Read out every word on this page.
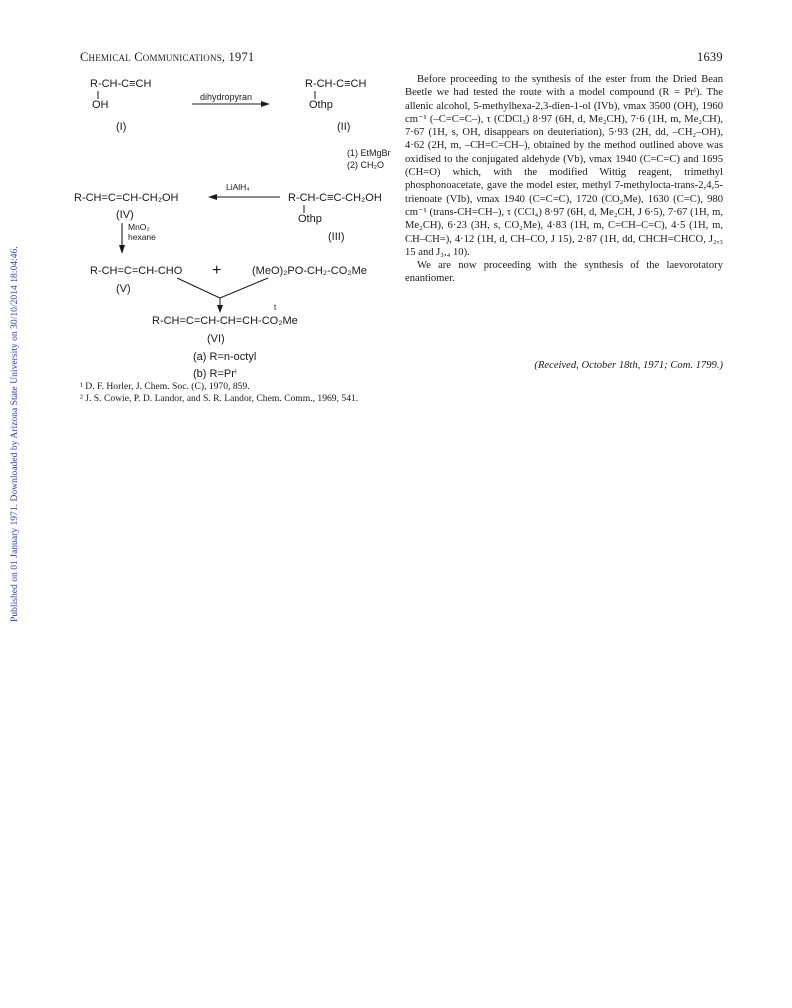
Chemical Communications, 1971	1639
Published on 01 January 1971. Downloaded by Arizona State University on 30/10/2014 18:04:46.
R-CH-C≡CH
OH
(I)
dihydropyran
R-CH-C≡CH
Othp
(II)
(1) EtMgBr
(2) CH₂O
R-CH-C≡C-CH₂OH
Othp
(III)
LiAlH₄
R-CH=C=CH-CH₂OH
(IV)
MnO₂
hexane
R-CH=C=CH-CHO
(V)
+	(MeO)₂PO-CH₂-CO₂Me
t
R-CH=C=CH-CH=CH-CO₂Me
(VI)
(a) R=n-octyl
(b) R=Prⁱ

Before proceeding to the synthesis of the ester from the Dried Bean Beetle we had tested the route with a model compound (R = Prⁱ). The allenic alcohol, 5-methylhexa-2,3-dien-1-ol (IVb), νmax 3500 (OH), 1960 cm⁻¹ (–C=C=C–), τ (CDCl₃) 8·97 (6H, d, Me₂CH), 7·6 (1H, m, Me₂CH), 7·67 (1H, s, OH, disappears on deuteriation), 5·93 (2H, dd, –CH₂–OH), 4·62 (2H, m, –CH=C=CH–), obtained by the method outlined above was oxidised to the conjugated aldehyde (Vb), νmax 1940 (C=C=C) and 1695 (CH=O) which, with the modified Wittig reagent, trimethyl phosphonoacetate, gave the model ester, methyl 7-methylocta-trans-2,4,5-trienoate (VIb), νmax 1940 (C=C=C), 1720 (CO₂Me), 1630 (C=C), 980 cm⁻¹ (trans-CH=CH–), τ (CCl₄) 8·97 (6H, d, Me₂CH, J 6·5), 7·67 (1H, m, Me₂CH), 6·23 (3H, s, CO₂Me), 4·83 (1H, m, C=CH–C=C), 4·5 (1H, m, CH–CH=), 4·12 (1H, d, CH–CO, J 15), 2·87 (1H, dd, CHCH=CHCO, J₂,₃ 15 and J₃,₄ 10).

We are now proceeding with the synthesis of the laevorotatory enantiomer.

(Received, October 18th, 1971; Com. 1799.)
¹ D. F. Horler, J. Chem. Soc. (C), 1970, 859.
² J. S. Cowie, P. D. Landor, and S. R. Landor, Chem. Comm., 1969, 541.
